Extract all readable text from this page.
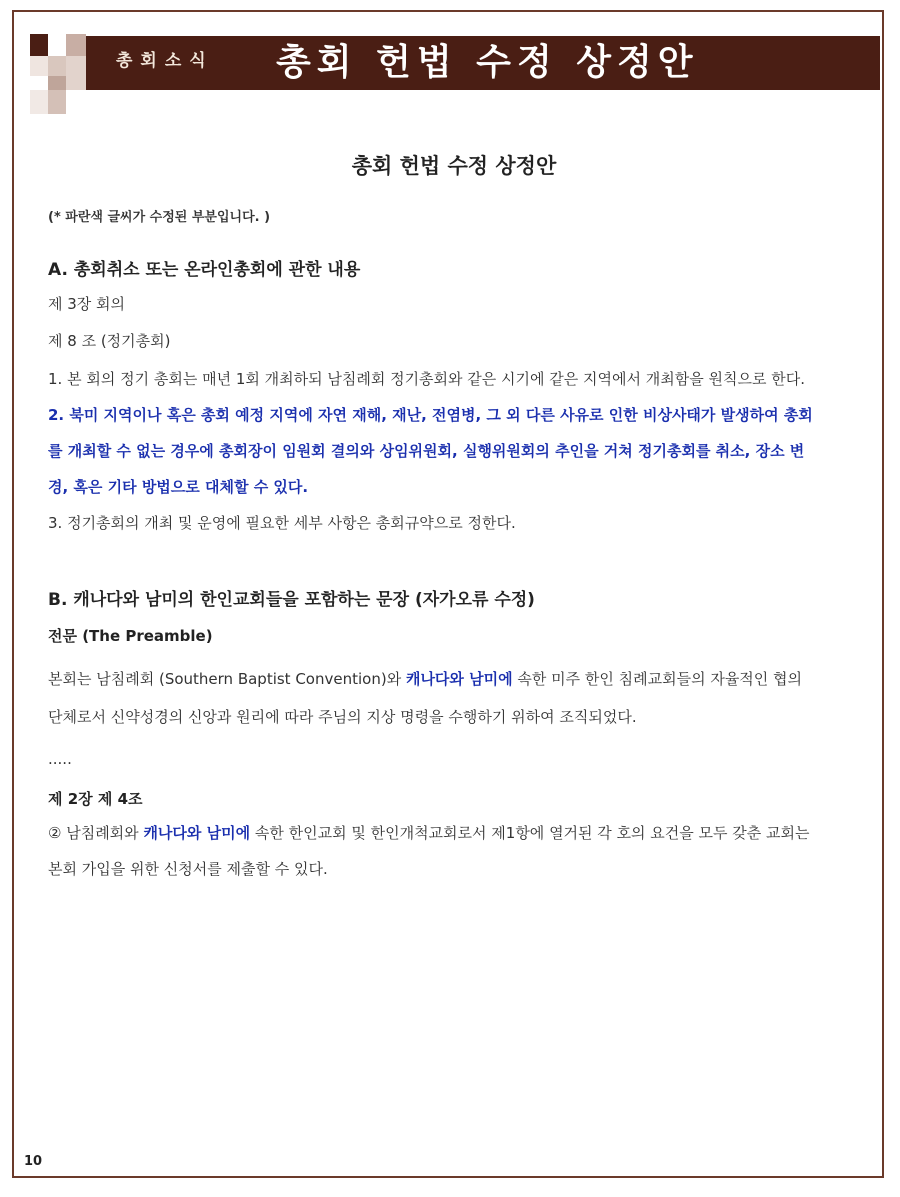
총회소식 총회 헌법 수정 상정안
총회 헌법 수정 상정안
(* 파란색 글씨가 수정된 부분입니다. )
A. 총회취소 또는 온라인총회에 관한 내용
제 3장 회의
제 8 조 (정기총회)
1. 본 회의 정기 총회는 매년 1회 개최하되 남침례회 정기총회와 같은 시기에 같은 지역에서 개최함을 원칙으로 한다.
2. 북미 지역이나 혹은 총회 예정 지역에 자연 재해, 재난, 전염병, 그 외 다른 사유로 인한 비상사태가 발생하여 총회
를 개최할 수 없는 경우에 총회장이 임원회 결의와 상임위원회, 실행위원회의 추인을 거쳐 정기총회를 취소, 장소 변
경, 혹은 기타 방법으로 대체할 수 있다.
3. 정기총회의 개최 및 운영에 필요한 세부 사항은 총회규약으로 정한다.
B. 캐나다와 남미의 한인교회들을 포함하는 문장 (자가오류 수정)
전문 (The Preamble)
본회는 남침례회 (Southern Baptist Convention)와 캐나다와 남미에 속한 미주 한인 침례교회들의 자율적인 협의
단체로서 신약성경의 신앙과 원리에 따라 주님의 지상 명령을 수행하기 위하여 조직되었다.
.....
제 2장 제 4조
② 남침례회와 캐나다와 남미에 속한 한인교회 및 한인개척교회로서 제1항에 열거된 각 호의 요건을 모두 갖춘 교회는
본회 가입을 위한 신청서를 제출할 수 있다.
10
